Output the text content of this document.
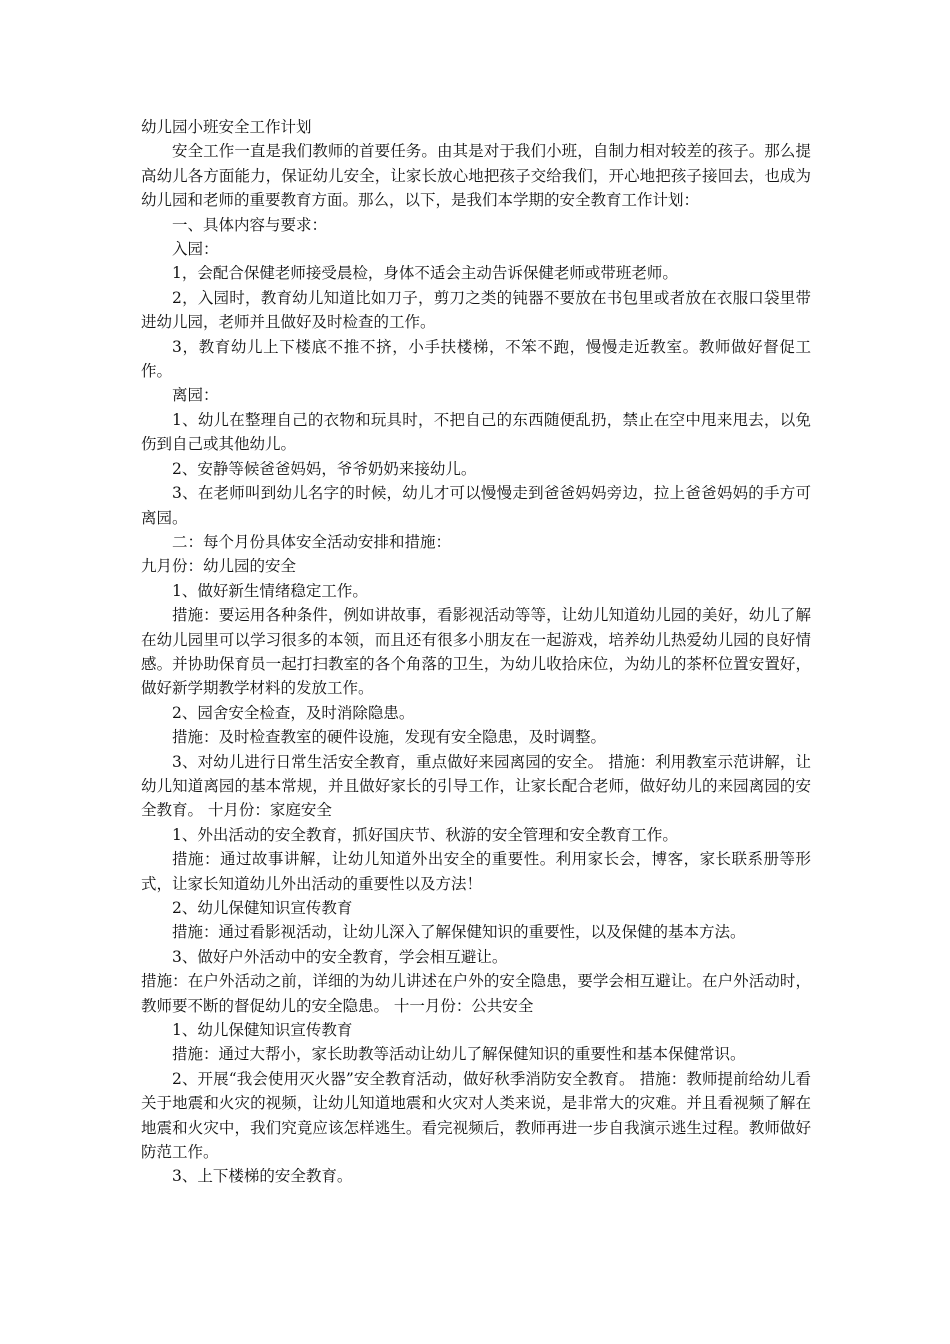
幼儿园小班安全工作计划

安全工作一直是我们教师的首要任务。由其是对于我们小班，自制力相对较差的孩子。那么提高幼儿各方面能力，保证幼儿安全，让家长放心地把孩子交给我们，开心地把孩子接回去，也成为幼儿园和老师的重要教育方面。那么，以下，是我们本学期的安全教育工作计划：

一、具体内容与要求：

入园：

1，会配合保健老师接受晨检，身体不适会主动告诉保健老师或带班老师。

2，入园时，教育幼儿知道比如刀子，剪刀之类的钝器不要放在书包里或者放在衣服口袋里带进幼儿园，老师并且做好及时检查的工作。

3，教育幼儿上下楼底不推不挤，小手扶楼梯，不笨不跑，慢慢走近教室。教师做好督促工作。

离园：

1、幼儿在整理自己的衣物和玩具时，不把自己的东西随便乱扔，禁止在空中甩来甩去，以免伤到自己或其他幼儿。

2、安静等候爸爸妈妈，爷爷奶奶来接幼儿。

3、在老师叫到幼儿名字的时候，幼儿才可以慢慢走到爸爸妈妈旁边，拉上爸爸妈妈的手方可离园。

二：每个月份具体安全活动安排和措施：

九月份：幼儿园的安全

1、做好新生情绪稳定工作。

措施：要运用各种条件，例如讲故事，看影视活动等等，让幼儿知道幼儿园的美好，幼儿了解在幼儿园里可以学习很多的本领，而且还有很多小朋友在一起游戏，培养幼儿热爱幼儿园的良好情感。并协助保育员一起打扫教室的各个角落的卫生，为幼儿收拾床位，为幼儿的茶杯位置安置好，做好新学期教学材料的发放工作。

2、园舍安全检查，及时消除隐患。

措施：及时检查教室的硬件设施，发现有安全隐患，及时调整。

3、对幼儿进行日常生活安全教育，重点做好来园离园的安全。 措施：利用教室示范讲解，让幼儿知道离园的基本常规，并且做好家长的引导工作，让家长配合老师，做好幼儿的来园离园的安全教育。 十月份：家庭安全

1、外出活动的安全教育，抓好国庆节、秋游的安全管理和安全教育工作。

措施：通过故事讲解，让幼儿知道外出安全的重要性。利用家长会，博客，家长联系册等形式，让家长知道幼儿外出活动的重要性以及方法！

2、幼儿保健知识宣传教育

措施：通过看影视活动，让幼儿深入了解保健知识的重要性，以及保健的基本方法。

3、做好户外活动中的安全教育，学会相互避让。

措施：在户外活动之前，详细的为幼儿讲述在户外的安全隐患，要学会相互避让。在户外活动时，教师要不断的督促幼儿的安全隐患。 十一月份：公共安全

1、幼儿保健知识宣传教育

措施：通过大帮小，家长助教等活动让幼儿了解保健知识的重要性和基本保健常识。

2、开展“我会使用灭火器”安全教育活动，做好秋季消防安全教育。 措施：教师提前给幼儿看关于地震和火灾的视频，让幼儿知道地震和火灾对人类来说，是非常大的灾难。并且看视频了解在地震和火灾中，我们究竟应该怎样逃生。看完视频后，教师再进一步自我演示逃生过程。教师做好防范工作。

3、上下楼梯的安全教育。
